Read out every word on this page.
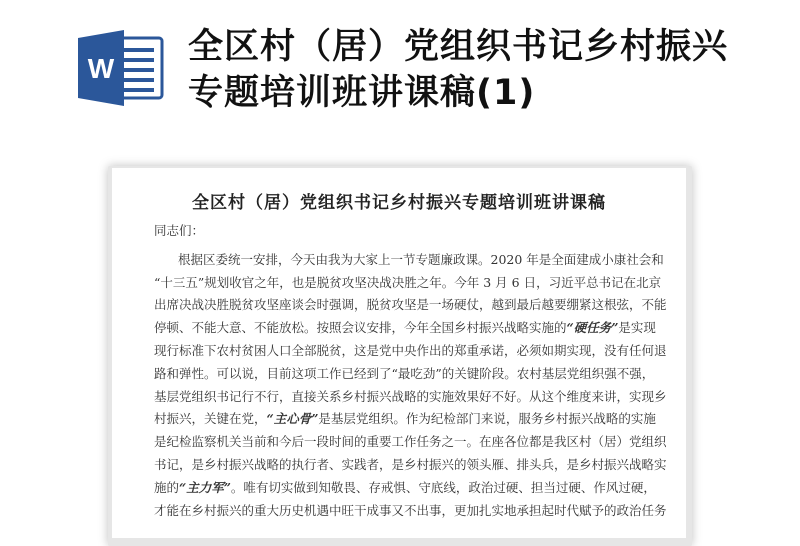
W
全区村（居）党组织书记乡村振兴专题培训班讲课稿(1)
全区村（居）党组织书记乡村振兴专题培训班讲课稿
同志们：
根据区委统一安排，今天由我为大家上一节专题廉政课。2020 年是全面建成小康社会和
“十三五”规划收官之年，也是脱贫攻坚决战决胜之年。今年 3 月 6 日，习近平总书记在北京
出席决战决胜脱贫攻坚座谈会时强调，脱贫攻坚是一场硬仗，越到最后越要绷紧这根弦，不能
停顿、不能大意、不能放松。按照会议安排，今年全国乡村振兴战略实施的“硬任务”是实现
现行标准下农村贫困人口全部脱贫，这是党中央作出的郑重承诺，必须如期实现，没有任何退
路和弹性。可以说，目前这项工作已经到了“最吃劲”的关键阶段。农村基层党组织强不强，
基层党组织书记行不行，直接关系乡村振兴战略的实施效果好不好。从这个维度来讲，实现乡
村振兴，关键在党，“主心骨”是基层党组织。作为纪检部门来说，服务乡村振兴战略的实施
是纪检监察机关当前和今后一段时间的重要工作任务之一。在座各位都是我区村（居）党组织
书记，是乡村振兴战略的执行者、实践者，是乡村振兴的领头雁、排头兵，是乡村振兴战略实
施的“主力军”。唯有切实做到知敬畏、存戒惧、守底线，政治过硬、担当过硬、作风过硬，
才能在乡村振兴的重大历史机遇中旺干成事又不出事，更加扎实地承担起时代赋予的政治任务
